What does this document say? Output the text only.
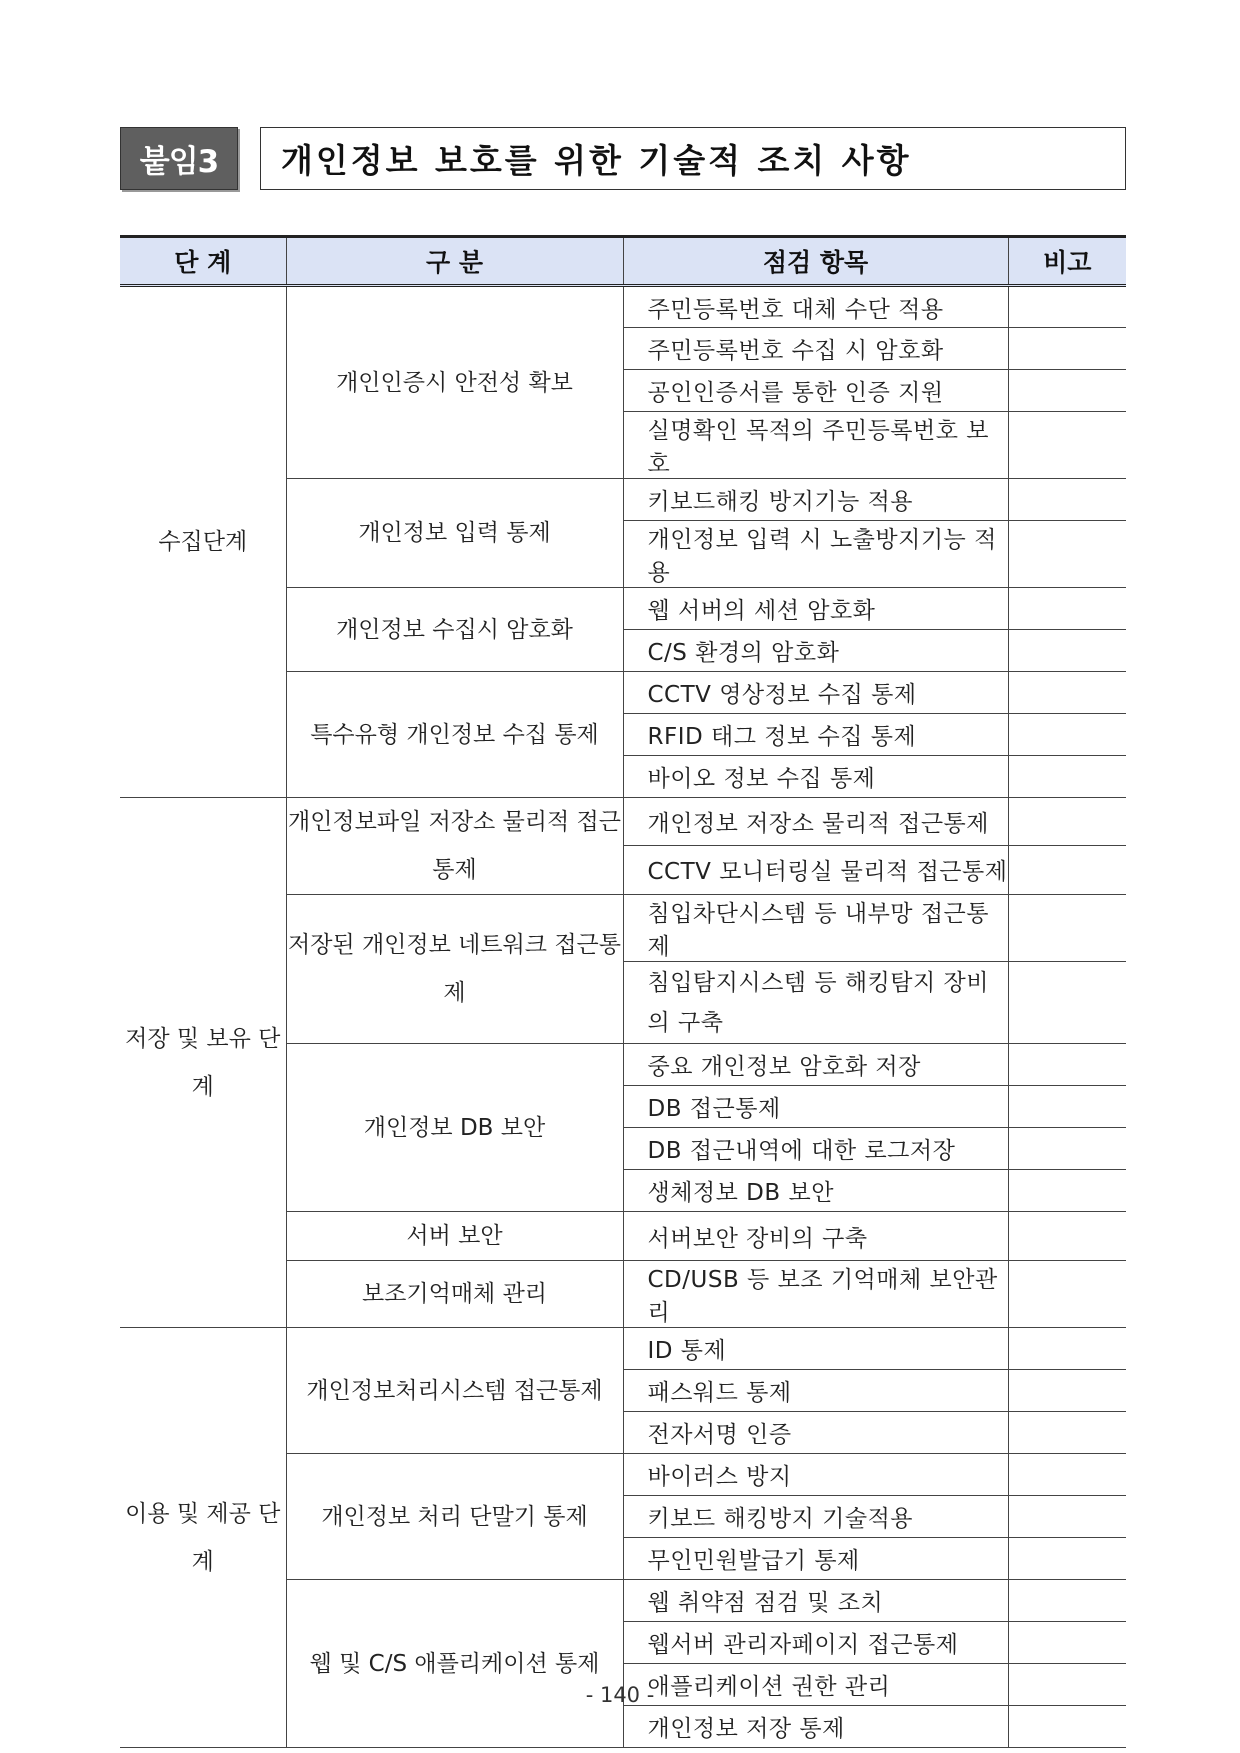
붙임3	개인정보 보호를 위한 기술적 조치 사항
단 계	구 분	점검 항목	비고
수집단계	개인인증시 안전성 확보	주민등록번호 대체 수단 적용	
		주민등록번호 수집 시 암호화	
		공인인증서를 통한 인증 지원	
		실명확인 목적의 주민등록번호 보호	
	개인정보 입력 통제	키보드해킹 방지기능 적용	
		개인정보 입력 시 노출방지기능 적용	
	개인정보 수집시 암호화	웹 서버의 세션 암호화	
		C/S 환경의 암호화	
	특수유형 개인정보 수집 통제	CCTV 영상정보 수집 통제	
		RFID 태그 정보 수집 통제	
		바이오 정보 수집 통제	
저장 및 보유 단계	개인정보파일 저장소 물리적 접근통제	개인정보 저장소 물리적 접근통제	
		CCTV 모니터링실 물리적 접근통제	
	저장된 개인정보 네트워크 접근통제	침입차단시스템 등 내부망 접근통제	
		침입탐지시스템 등 해킹탐지 장비의 구축	
	개인정보 DB 보안	중요 개인정보 암호화 저장	
		DB 접근통제	
		DB 접근내역에 대한 로그저장	
		생체정보 DB 보안	
	서버 보안	서버보안 장비의 구축	
	보조기억매체 관리	CD/USB 등 보조 기억매체 보안관리	
이용 및 제공 단계	개인정보처리시스템 접근통제	ID 통제	
		패스워드 통제	
		전자서명 인증	
	개인정보 처리 단말기 통제	바이러스 방지	
		키보드 해킹방지 기술적용	
		무인민원발급기 통제	
	웹 및 C/S 애플리케이션 통제	웹 취약점 점검 및 조치	
		웹서버 관리자페이지 접근통제	
		애플리케이션 권한 관리	
		개인정보 저장 통제	
- 140 -
